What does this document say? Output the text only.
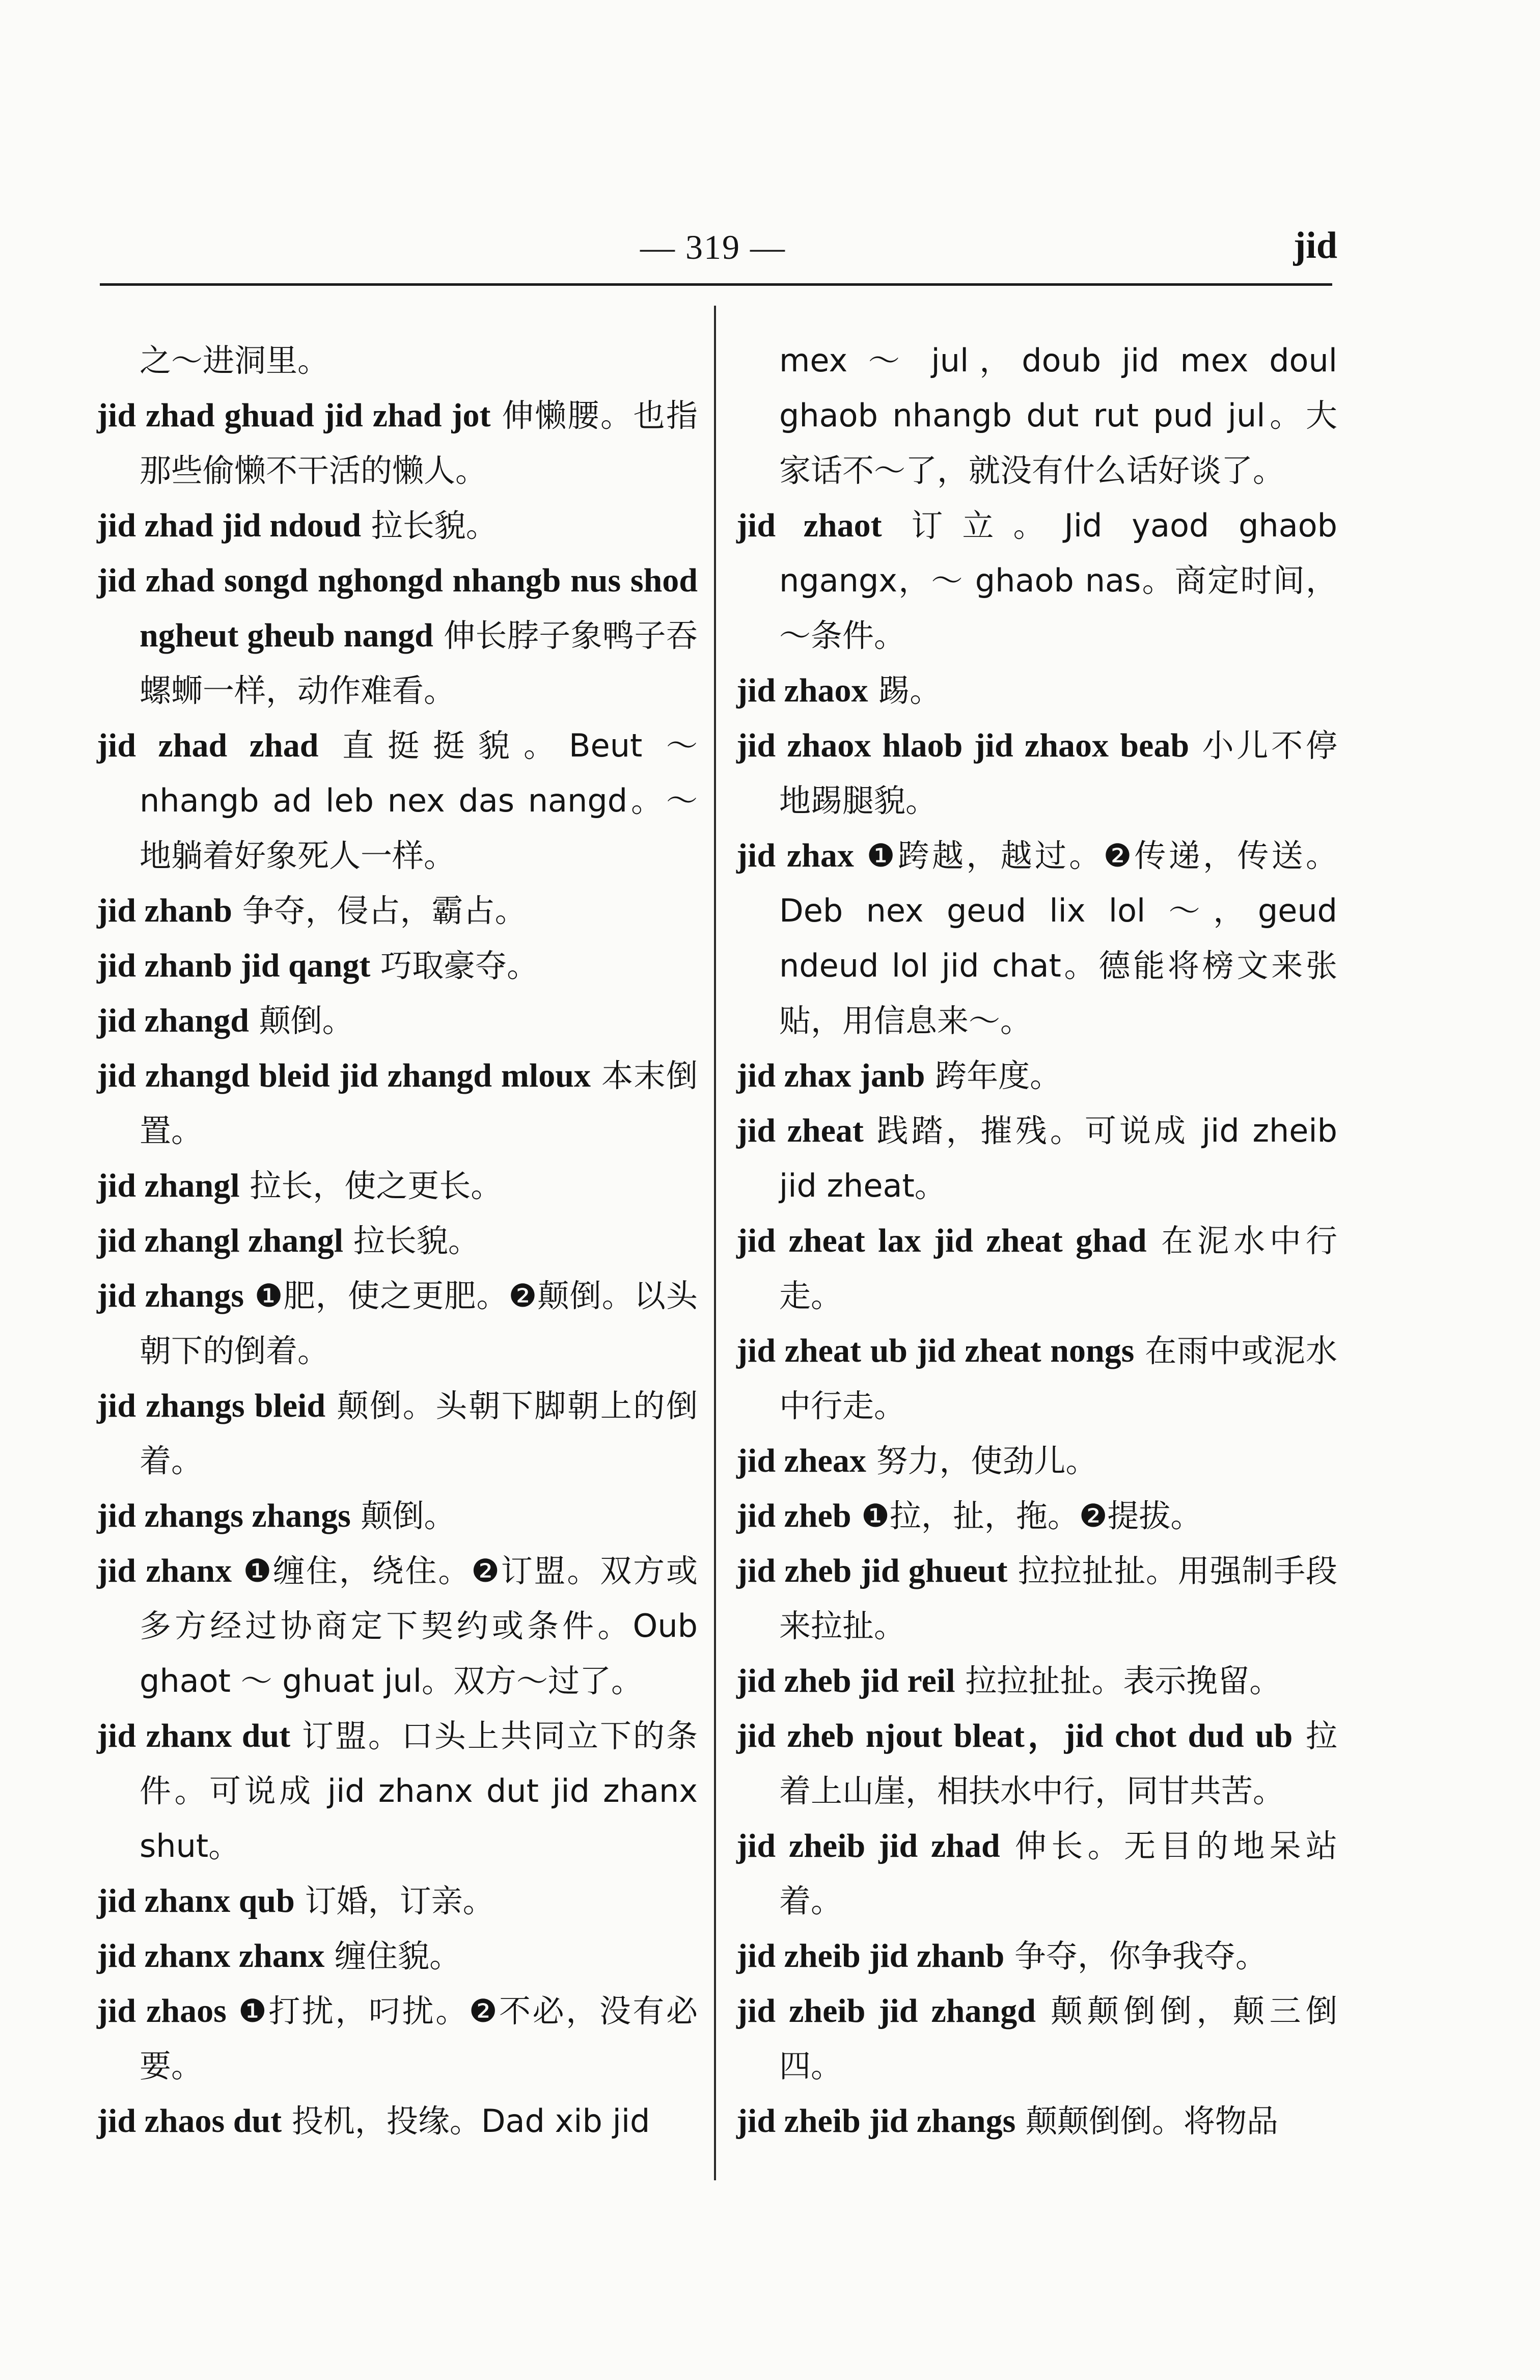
— 319 —	jid

之～进洞里。

jid zhad ghuad jid zhad jot 伸懒腰。也指那些偷懒不干活的懒人。

jid zhad jid ndoud 拉长貌。

jid zhad songd nghongd nhangb nus shod ngheut gheub nangd 伸长脖子象鸭子吞螺蛳一样，动作难看。

jid zhad zhad 直挺挺貌。Beut ～ nhangb ad leb nex das nangd。～地躺着好象死人一样。

jid zhanb 争夺，侵占，霸占。

jid zhanb jid qangt 巧取豪夺。

jid zhangd 颠倒。

jid zhangd bleid jid zhangd mloux 本末倒置。

jid zhangl 拉长，使之更长。

jid zhangl zhangl 拉长貌。

jid zhangs ❶肥，使之更肥。❷颠倒。以头朝下的倒着。

jid zhangs bleid 颠倒。头朝下脚朝上的倒着。

jid zhangs zhangs 颠倒。

jid zhanx ❶缠住，绕住。❷订盟。双方或多方经过协商定下契约或条件。Oub ghaot ～ ghuat jul。双方～过了。

jid zhanx dut 订盟。口头上共同立下的条件。可说成 jid zhanx dut jid zhanx shut。

jid zhanx qub 订婚，订亲。

jid zhanx zhanx 缠住貌。

jid zhaos ❶打扰，叼扰。❷不必，没有必要。

jid zhaos dut 投机，投缘。Dad xib jid

mex ～ jul，doub jid mex doul ghaob nhangb dut rut pud jul。大家话不～了，就没有什么话好谈了。

jid zhaot 订立。Jid yaod ghaob ngangx，～ ghaob nas。商定时间，～条件。

jid zhaox 踢。

jid zhaox hlaob jid zhaox beab 小儿不停地踢腿貌。

jid zhax ❶跨越，越过。❷传递，传送。Deb nex geud lix lol ～，geud ndeud lol jid chat。德能将榜文来张贴，用信息来～。

jid zhax janb 跨年度。

jid zheat 践踏，摧残。可说成 jid zheib jid zheat。

jid zheat lax jid zheat ghad 在泥水中行走。

jid zheat ub jid zheat nongs 在雨中或泥水中行走。

jid zheax 努力，使劲儿。

jid zheb ❶拉，扯，拖。❷提拔。

jid zheb jid ghueut 拉拉扯扯。用强制手段来拉扯。

jid zheb jid reil 拉拉扯扯。表示挽留。

jid zheb njout bleat，jid chot dud ub 拉着上山崖，相扶水中行，同甘共苦。

jid zheib jid zhad 伸长。无目的地呆站着。

jid zheib jid zhanb 争夺，你争我夺。

jid zheib jid zhangd 颠颠倒倒，颠三倒四。

jid zheib jid zhangs 颠颠倒倒。将物品
